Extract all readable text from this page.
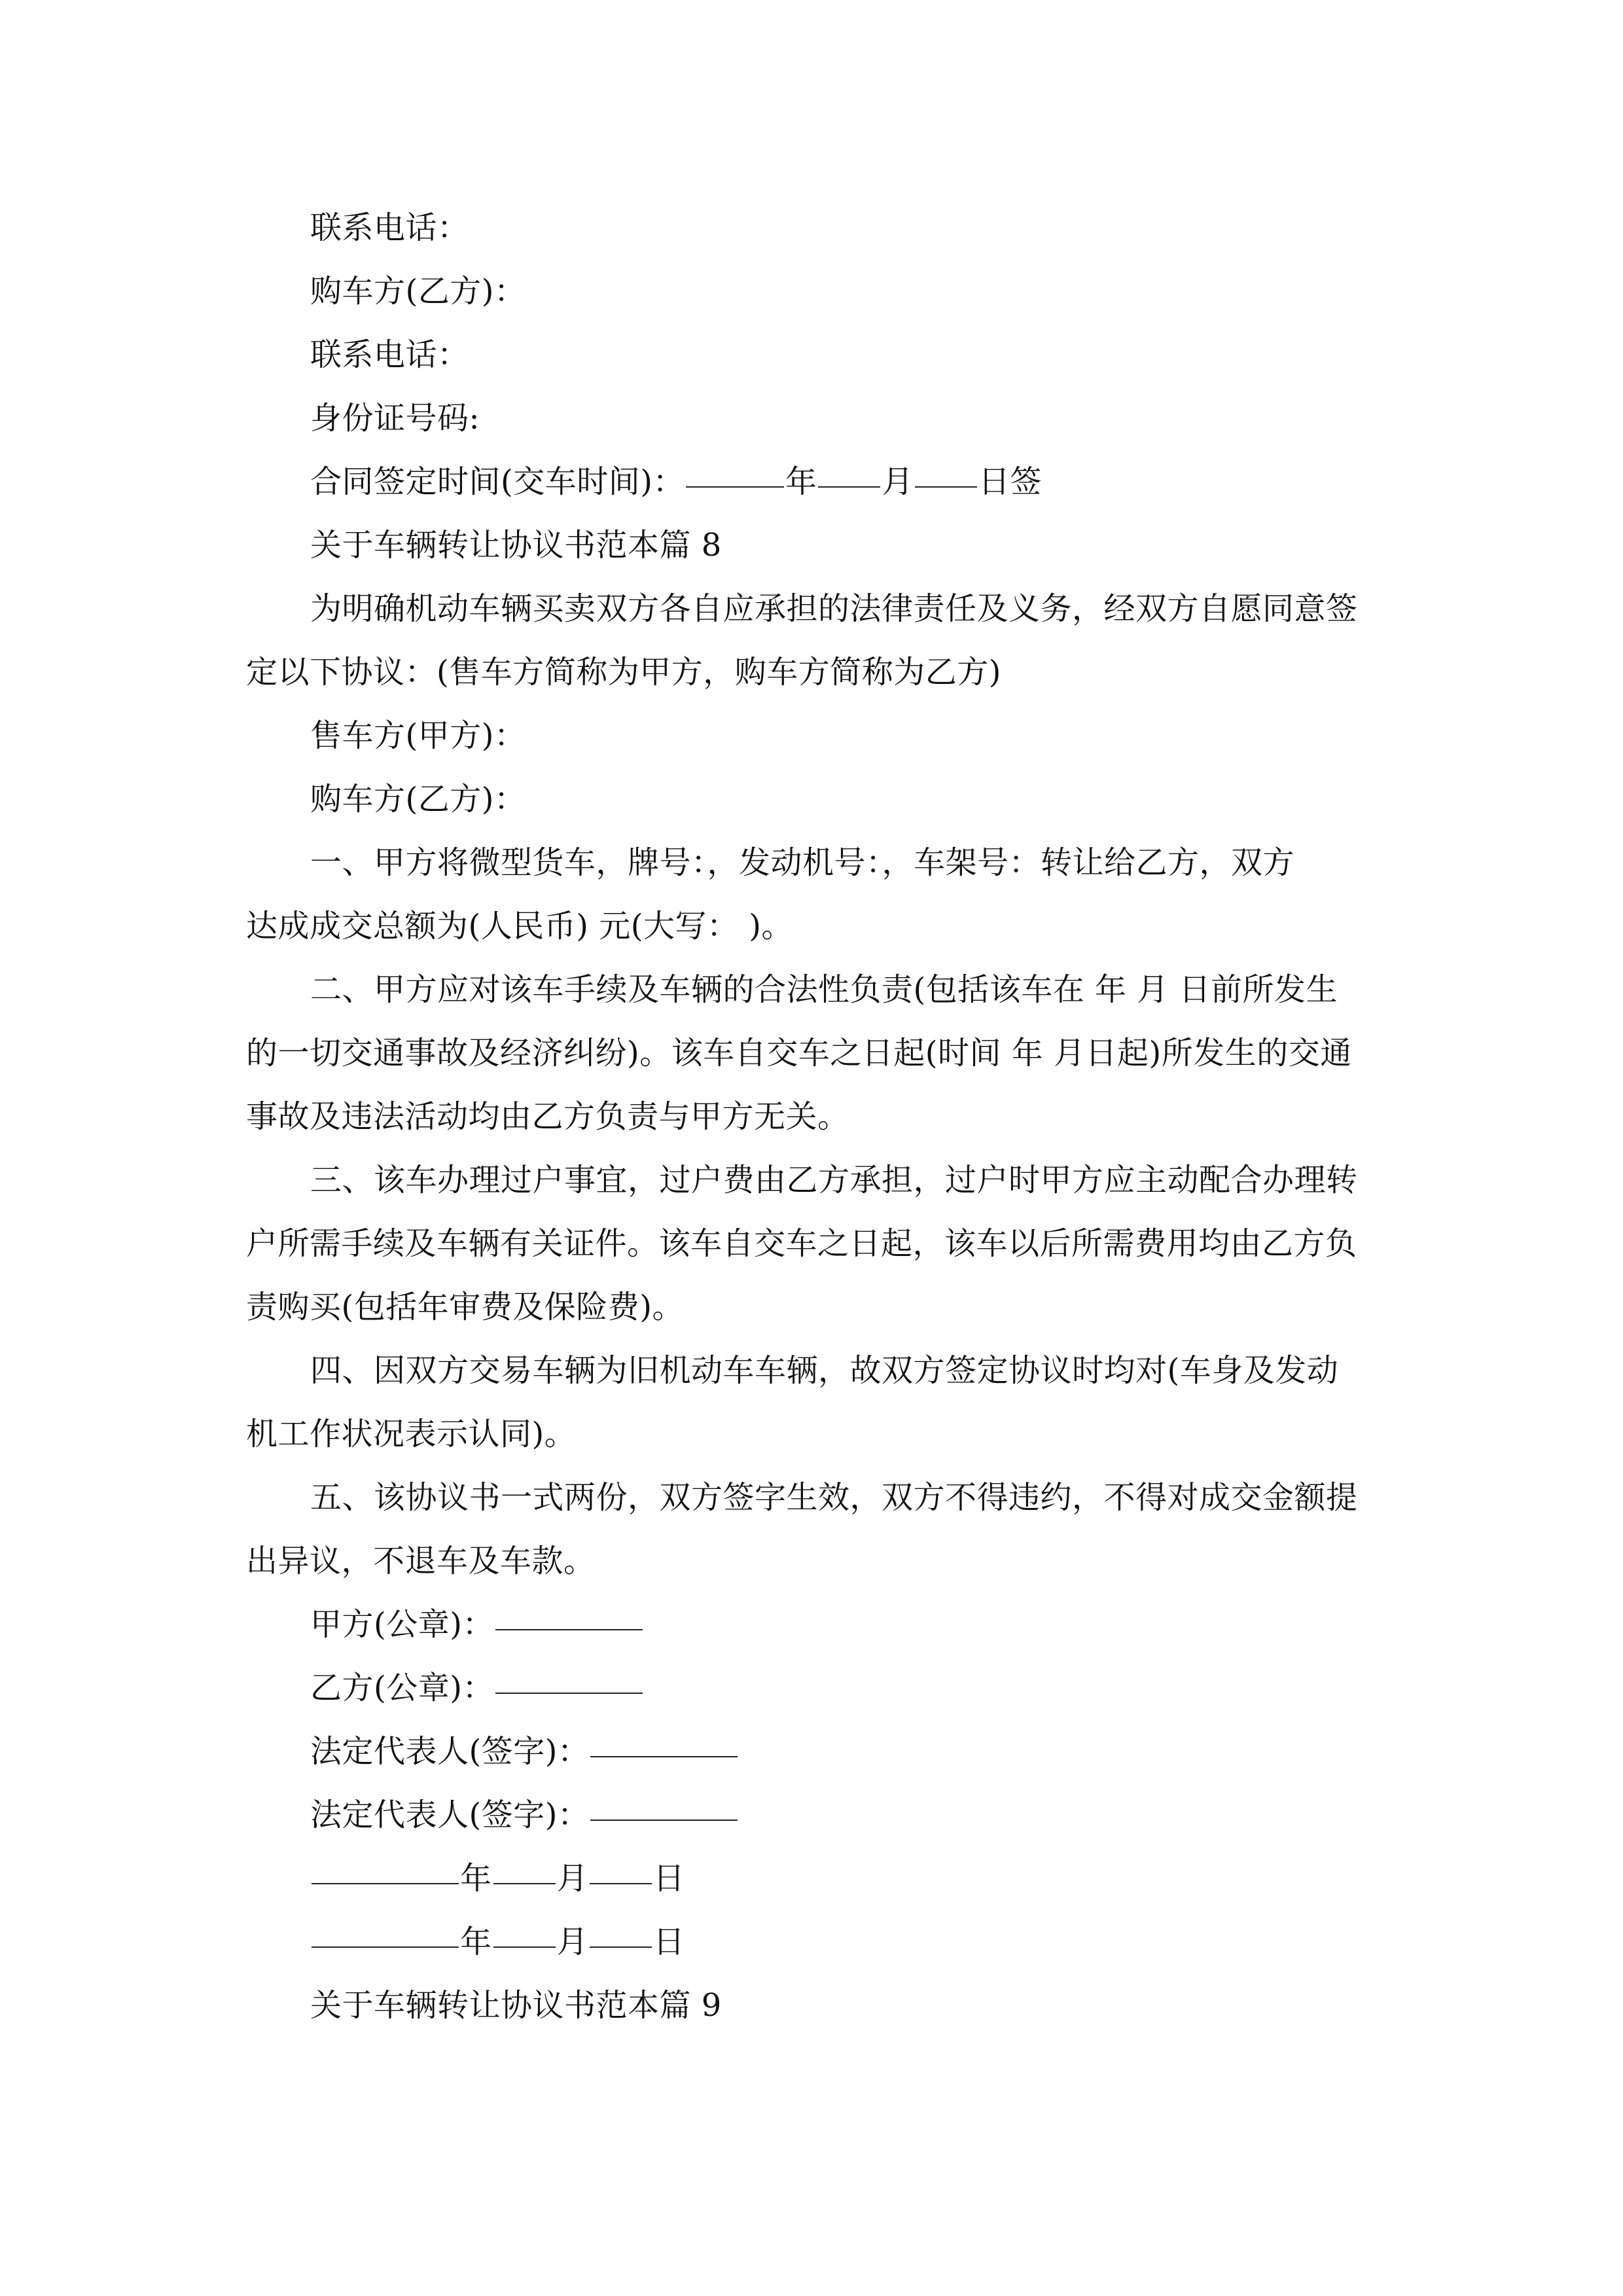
联系电话：
购车方(乙方)：
联系电话：
身份证号码:
合同签定时间(交车时间)：	年 月 日签
关于车辆转让协议书范本篇 8
为明确机动车辆买卖双方各自应承担的法律责任及义务，经双方自愿同意签
定以下协议：(售车方简称为甲方，购车方简称为乙方)
售车方(甲方)：
购车方(乙方)：
一、甲方将微型货车，牌号：，发动机号：，车架号：转让给乙方，双方
达成成交总额为(人民币) 元(大写： )。
二、甲方应对该车手续及车辆的合法性负责(包括该车在 年 月 日前所发生
的一切交通事故及经济纠纷)。该车自交车之日起(时间 年 月日起)所发生的交通
事故及违法活动均由乙方负责与甲方无关。
三、该车办理过户事宜，过户费由乙方承担，过户时甲方应主动配合办理转
户所需手续及车辆有关证件。该车自交车之日起，该车以后所需费用均由乙方负
责购买(包括年审费及保险费)。
四、因双方交易车辆为旧机动车车辆，故双方签定协议时均对(车身及发动
机工作状况表示认同)。
五、该协议书一式两份，双方签字生效，双方不得违约，不得对成交金额提
出异议，不退车及车款。
甲方(公章)：
乙方(公章)：
法定代表人(签字)：
法定代表人(签字)：
年 月 日
年 月 日
关于车辆转让协议书范本篇 9
